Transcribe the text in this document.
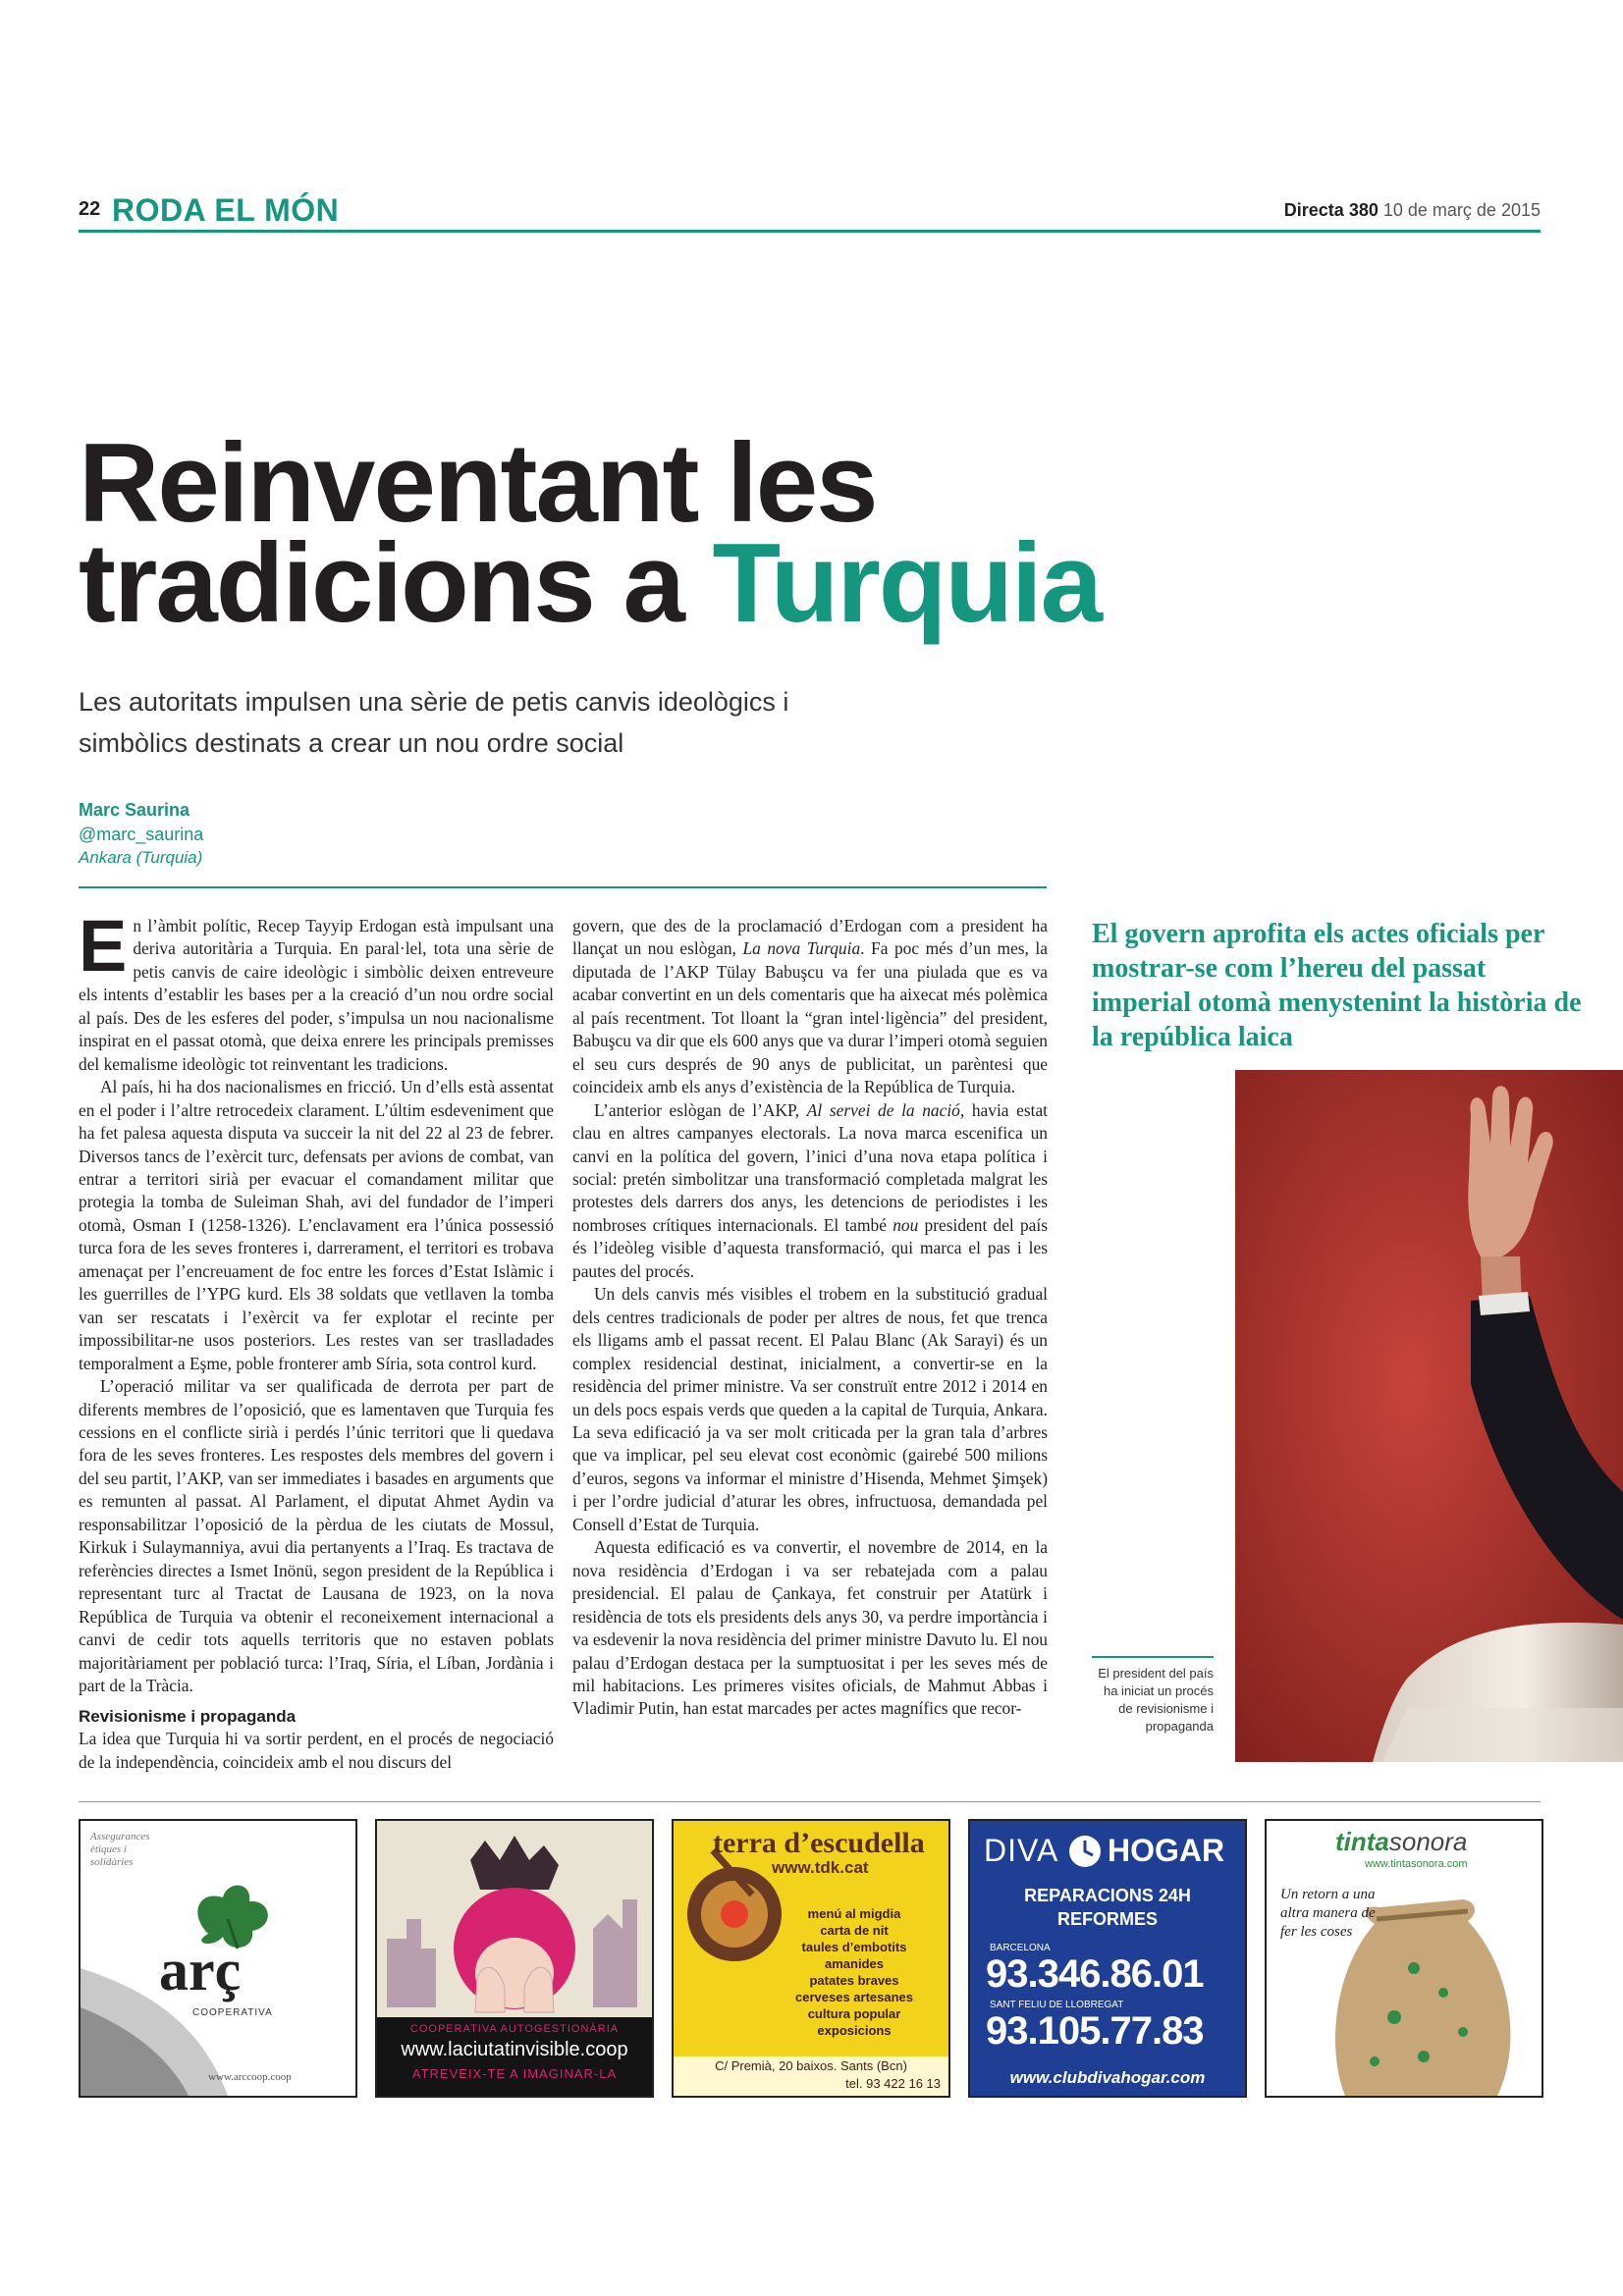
22 RODA EL MÓN	Directa 380 10 de març de 2015
Reinventant les
tradicions a Turquia
Les autoritats impulsen una sèrie de petis canvis ideològics i simbòlics destinats a crear un nou ordre social
Marc Saurina
@marc_saurina
Ankara (Turquia)

En l’àmbit polític, Recep Tayyip Erdogan està impulsant una deriva autoritària a Turquia. En paral·lel, tota una sèrie de petis canvis de caire ideològic i simbòlic deixen entreveure els intents d’establir les bases per a la creació d’un nou ordre social al país. Des de les esferes del poder, s’impulsa un nou nacionalisme inspirat en el passat otomà, que deixa enrere les principals premisses del kemalisme ideològic tot reinventant les tradicions.

Al país, hi ha dos nacionalismes en fricció. Un d’ells està assentat en el poder i l’altre retrocedeix clarament. L’últim esdeveniment que ha fet palesa aquesta disputa va succeir la nit del 22 al 23 de febrer. Diversos tancs de l’exèrcit turc, defensats per avions de combat, van entrar a territori sirià per evacuar el comandament militar que protegia la tomba de Suleiman Shah, avi del fundador de l’imperi otomà, Osman I (1258-1326). L’enclavament era l’única possessió turca fora de les seves fronteres i, darrerament, el territori es trobava amenaçat per l’encreuament de foc entre les forces d’Estat Islàmic i les guerrilles de l’YPG kurd. Els 38 soldats que vetllaven la tomba van ser rescatats i l’exèrcit va fer explotar el recinte per impossibilitar-ne usos posteriors. Les restes van ser traslladades temporalment a Eşme, poble fronterer amb Síria, sota control kurd.

L’operació militar va ser qualificada de derrota per part de diferents membres de l’oposició, que es lamentaven que Turquia fes cessions en el conflicte sirià i perdés l’únic territori que li quedava fora de les seves fronteres. Les respostes dels membres del govern i del seu partit, l’AKP, van ser immediates i basades en arguments que es remunten al passat. Al Parlament, el diputat Ahmet Aydin va responsabilitzar l’oposició de la pèrdua de les ciutats de Mossul, Kirkuk i Sulaymanniya, avui dia pertanyents a l’Iraq. Es tractava de referències directes a Ismet Inönü, segon president de la República i representant turc al Tractat de Lausana de 1923, on la nova República de Turquia va obtenir el reconeixement internacional a canvi de cedir tots aquells territoris que no estaven poblats majoritàriament per població turca: l’Iraq, Síria, el Líban, Jordània i part de la Tràcia.

Revisionisme i propaganda

La idea que Turquia hi va sortir perdent, en el procés de negociació de la independència, coincideix amb el nou discurs del

govern, que des de la proclamació d’Erdogan com a president ha llançat un nou eslògan, La nova Turquia. Fa poc més d’un mes, la diputada de l’AKP Tülay Babuşcu va fer una piulada que es va acabar convertint en un dels comentaris que ha aixecat més polèmica al país recentment. Tot lloant la “gran intel·ligència” del president, Babuşcu va dir que els 600 anys que va durar l’imperi otomà seguien el seu curs després de 90 anys de publicitat, un parèntesi que coincideix amb els anys d’existència de la República de Turquia.

L’anterior eslògan de l’AKP, Al servei de la nació, havia estat clau en altres campanyes electorals. La nova marca escenifica un canvi en la política del govern, l’inici d’una nova etapa política i social: pretén simbolitzar una transformació completada malgrat les protestes dels darrers dos anys, les detencions de periodistes i les nombroses crítiques internacionals. El també nou president del país és l’ideòleg visible d’aquesta transformació, qui marca el pas i les pautes del procés.

Un dels canvis més visibles el trobem en la substitució gradual dels centres tradicionals de poder per altres de nous, fet que trenca els lligams amb el passat recent. El Palau Blanc (Ak Sarayi) és un complex residencial destinat, inicialment, a convertir-se en la residència del primer ministre. Va ser construït entre 2012 i 2014 en un dels pocs espais verds que queden a la capital de Turquia, Ankara. La seva edificació ja va ser molt criticada per la gran tala d’arbres que va implicar, pel seu elevat cost econòmic (gairebé 500 milions d’euros, segons va informar el ministre d’Hisenda, Mehmet Şimşek) i per l’ordre judicial d’aturar les obres, infructuosa, demandada pel Consell d’Estat de Turquia.

Aquesta edificació es va convertir, el novembre de 2014, en la nova residència d’Erdogan i va ser rebatejada com a palau presidencial. El palau de Çankaya, fet construir per Atatürk i residència de tots els presidents dels anys 30, va perdre importància i va esdevenir la nova residència del primer ministre Davuto lu. El nou palau d’Erdogan destaca per la sumptuositat i per les seves més de mil habitacions. Les primeres visites oficials, de Mahmut Abbas i Vladimir Putin, han estat marcades per actes magnífics que recor-

El govern aprofita els actes oficials per mostrar-se com l’hereu del passat imperial otomà menystenint la història de la república laica
El president del país ha iniciat un procés de revisionisme i propaganda
Assegurances
ètiques i
solidàries
arç
COOPERATIVA
www.arccoop.coop
COOPERATIVA AUTOGESTIONÀRIA
www.laciutatinvisible.coop
ATREVEIX-TE A IMAGINAR-LA
terra d’escudella
www.tdk.cat
menú al migdia
carta de nit
taules d’embotits
amanides
patates braves
cerveses artesanes
cultura popular
exposicions
C/ Premià, 20 baixos. Sants (Bcn)
tel. 93 422 16 13
DIVA HOGAR
REPARACIONS 24H
REFORMES
BARCELONA
93.346.86.01
SANT FELIU DE LLOBREGAT
93.105.77.83
www.clubdivahogar.com
tintasonora
www.tintasonora.com
Un retorn a una
altra manera de
fer les coses
